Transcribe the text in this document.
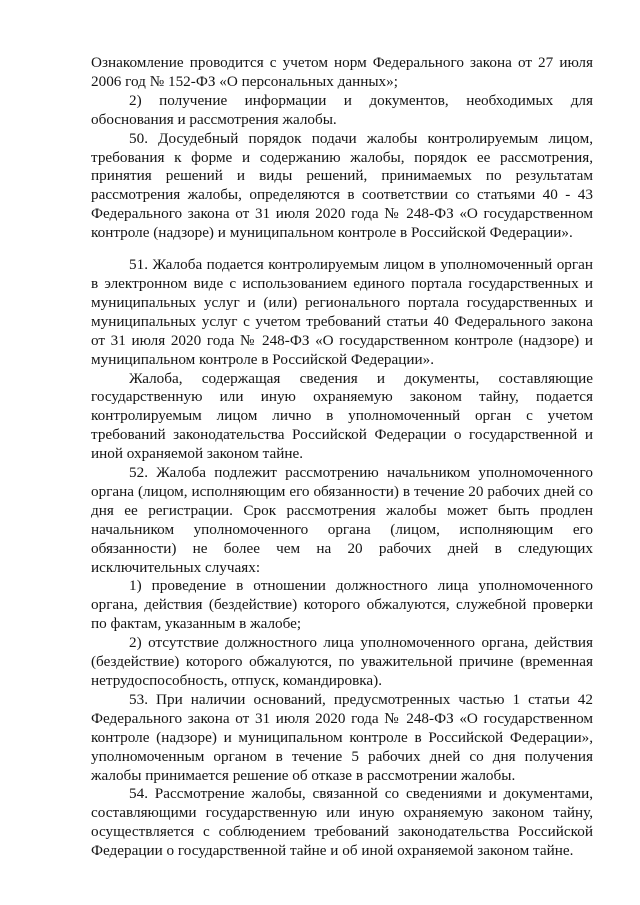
Ознакомление проводится с учетом норм Федерального закона от 27 июля 2006 год № 152-ФЗ «О персональных данных»;

2) получение информации и документов, необходимых для обоснования и рассмотрения жалобы.

50. Досудебный порядок подачи жалобы контролируемым лицом, требования к форме и содержанию жалобы, порядок ее рассмотрения, принятия решений и виды решений, принимаемых по результатам рассмотрения жалобы, определяются в соответствии со статьями 40 - 43 Федерального закона от 31 июля 2020 года № 248-ФЗ «О государственном контроле (надзоре) и муниципальном контроле в Российской Федерации».

51. Жалоба подается контролируемым лицом в уполномоченный орган в электронном виде с использованием единого портала государственных и муниципальных услуг и (или) регионального портала государственных и муниципальных услуг с учетом требований статьи 40 Федерального закона от 31 июля 2020 года № 248-ФЗ «О государственном контроле (надзоре) и муниципальном контроле в Российской Федерации».

Жалоба, содержащая сведения и документы, составляющие государственную или иную охраняемую законом тайну, подается контролируемым лицом лично в уполномоченный орган с учетом требований законодательства Российской Федерации о государственной и иной охраняемой законом тайне.

52. Жалоба подлежит рассмотрению начальником уполномоченного органа (лицом, исполняющим его обязанности) в течение 20 рабочих дней со дня ее регистрации. Срок рассмотрения жалобы может быть продлен начальником уполномоченного органа (лицом, исполняющим его обязанности) не более чем на 20 рабочих дней в следующих исключительных случаях:

1) проведение в отношении должностного лица уполномоченного органа, действия (бездействие) которого обжалуются, служебной проверки по фактам, указанным в жалобе;

2) отсутствие должностного лица уполномоченного органа, действия (бездействие) которого обжалуются, по уважительной причине (временная нетрудоспособность, отпуск, командировка).

53. При наличии оснований, предусмотренных частью 1 статьи 42 Федерального закона от 31 июля 2020 года № 248-ФЗ «О государственном контроле (надзоре) и муниципальном контроле в Российской Федерации», уполномоченным органом в течение 5 рабочих дней со дня получения жалобы принимается решение об отказе в рассмотрении жалобы.

54. Рассмотрение жалобы, связанной со сведениями и документами, составляющими государственную или иную охраняемую законом тайну, осуществляется с соблюдением требований законодательства Российской Федерации о государственной тайне и об иной охраняемой законом тайне.
